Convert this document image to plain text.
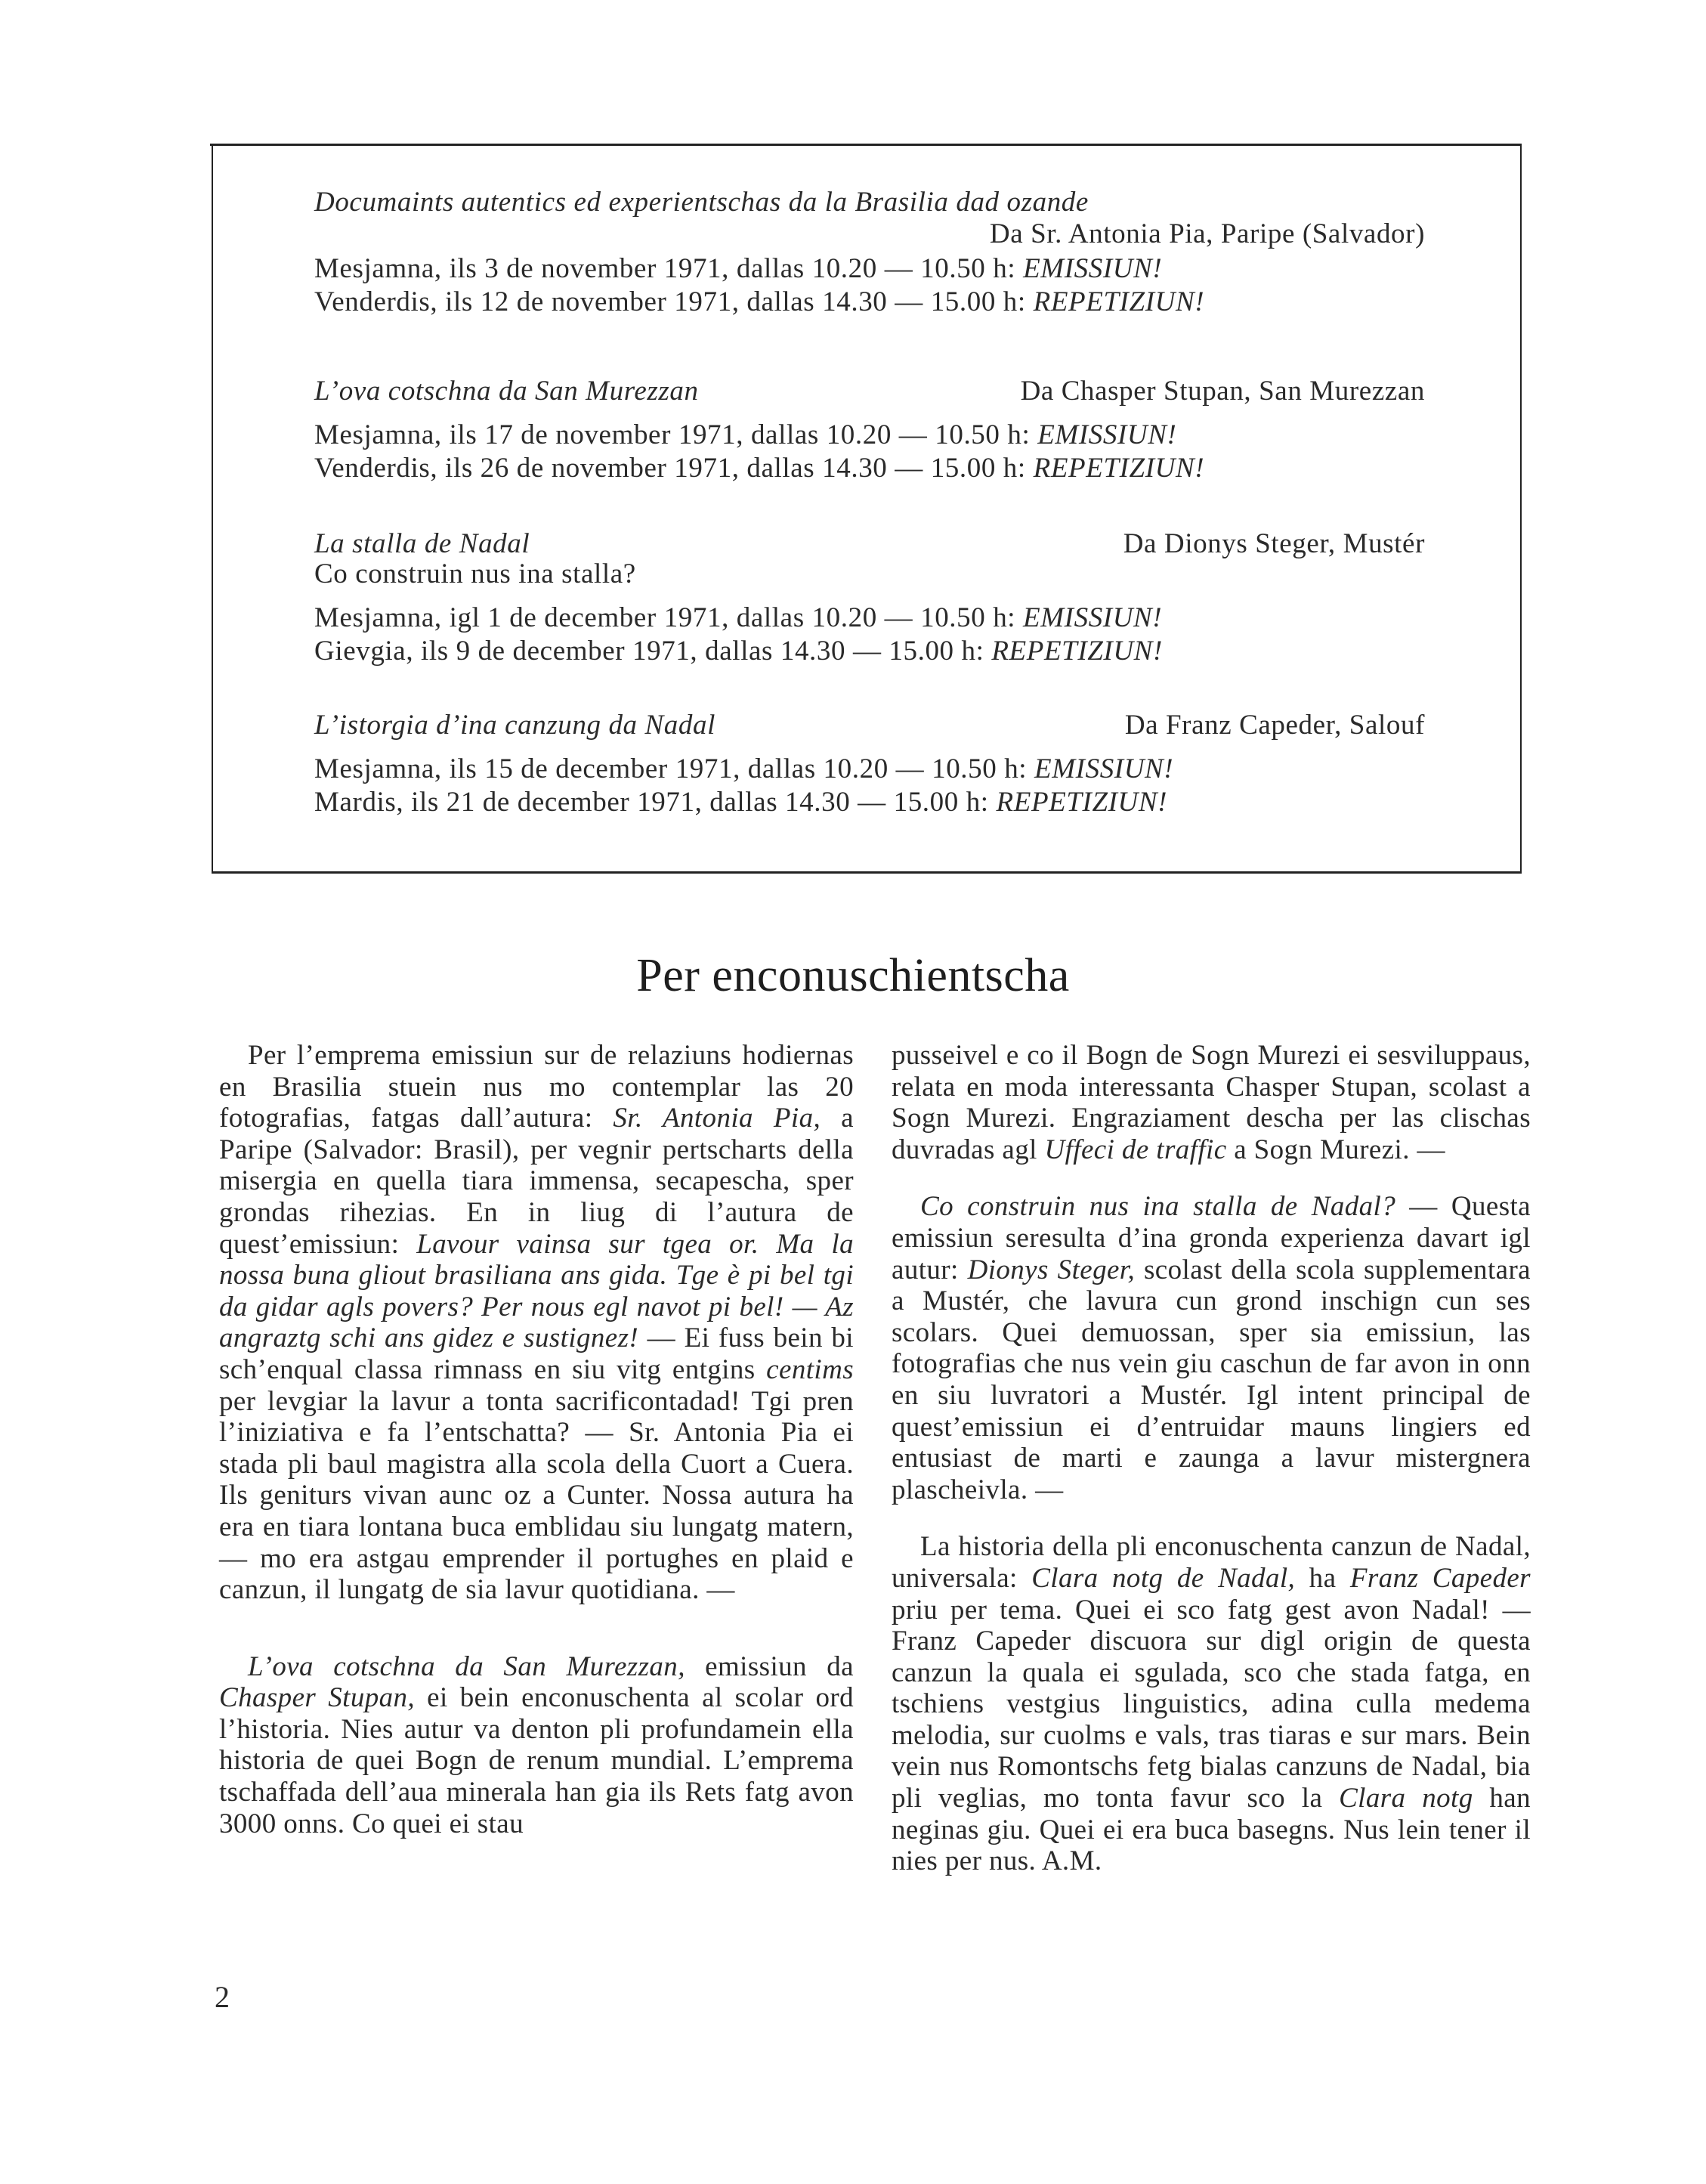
Documaints autentics ed experientschas da la Brasilia dad ozande
Da Sr. Antonia Pia, Paripe (Salvador)
Mesjamna, ils 3 de november 1971, dallas 10.20 — 10.50 h: EMISSIUN!
Venderdis, ils 12 de november 1971, dallas 14.30 — 15.00 h: REPETIZIUN!
L’ova cotschna da San Murezzan	Da Chasper Stupan, San Murezzan
Mesjamna, ils 17 de november 1971, dallas 10.20 — 10.50 h: EMISSIUN!
Venderdis, ils 26 de november 1971, dallas 14.30 — 15.00 h: REPETIZIUN!
La stalla de Nadal	Da Dionys Steger, Mustér
Co construin nus ina stalla?
Mesjamna, igl 1 de december 1971, dallas 10.20 — 10.50 h: EMISSIUN!
Gievgia, ils 9 de december 1971, dallas 14.30 — 15.00 h: REPETIZIUN!
L’istorgia d’ina canzung da Nadal	Da Franz Capeder, Salouf
Mesjamna, ils 15 de december 1971, dallas 10.20 — 10.50 h: EMISSIUN!
Mardis, ils 21 de december 1971, dallas 14.30 — 15.00 h: REPETIZIUN!
Per enconuschientscha

Per l’emprema emissiun sur de relaziuns hodiernas en Brasilia stuein nus mo contemplar las 20 fotografias, fatgas dall’autura: Sr. Antonia Pia, a Paripe (Salvador: Brasil), per vegnir pertscharts della misergia en quella tiara immensa, secapescha, sper grondas rihezias. En in liug di l’autura de quest’emissiun: Lavour vainsa sur tgea or. Ma la nossa buna gliout brasiliana ans gida. Tge è pi bel tgi da gidar agls povers? Per nous egl navot pi bel! — Az angraztg schi ans gidez e sustignez! — Ei fuss bein bi sch’enqual classa rimnass en siu vitg entgins centims per levgiar la lavur a tonta sacrificontadad! Tgi pren l’iniziativa e fa l’entschatta? — Sr. Antonia Pia ei stada pli baul magistra alla scola della Cuort a Cuera. Ils geniturs vivan aunc oz a Cunter. Nossa autura ha era en tiara lontana buca emblidau siu lungatg matern, — mo era astgau emprender il portughes en plaid e canzun, il lungatg de sia lavur quotidiana. —

L’ova cotschna da San Murezzan, emissiun da Chasper Stupan, ei bein enconuschenta al scolar ord l’historia. Nies autur va denton pli profundamein ella historia de quei Bogn de renum mundial. L’emprema tschaffada dell’aua minerala han gia ils Rets fatg avon 3000 onns. Co quei ei stau

pusseivel e co il Bogn de Sogn Murezi ei sesviluppaus, relata en moda interessanta Chasper Stupan, scolast a Sogn Murezi. Engraziament descha per las clischas duvradas agl Uffeci de traffic a Sogn Murezi. —

Co construin nus ina stalla de Nadal? — Questa emissiun seresulta d’ina gronda experienza davart igl autur: Dionys Steger, scolast della scola supplementara a Mustér, che lavura cun grond inschign cun ses scolars. Quei demuossan, sper sia emissiun, las fotografias che nus vein giu caschun de far avon in onn en siu luvratori a Mustér. Igl intent principal de quest’emissiun ei d’entruidar mauns lingiers ed entusiast de marti e zaunga a lavur mistergnera plascheivla. —

La historia della pli enconuschenta canzun de Nadal, universala: Clara notg de Nadal, ha Franz Capeder priu per tema. Quei ei sco fatg gest avon Nadal! — Franz Capeder discuora sur digl origin de questa canzun la quala ei sgulada, sco che stada fatga, en tschiens vestgius linguistics, adina culla medema melodia, sur cuolms e vals, tras tiaras e sur mars. Bein vein nus Romontschs fetg bialas canzuns de Nadal, bia pli veglias, mo tonta favur sco la Clara notg han neginas giu. Quei ei era buca basegns. Nus lein tener il nies per nus. A.M.

2
